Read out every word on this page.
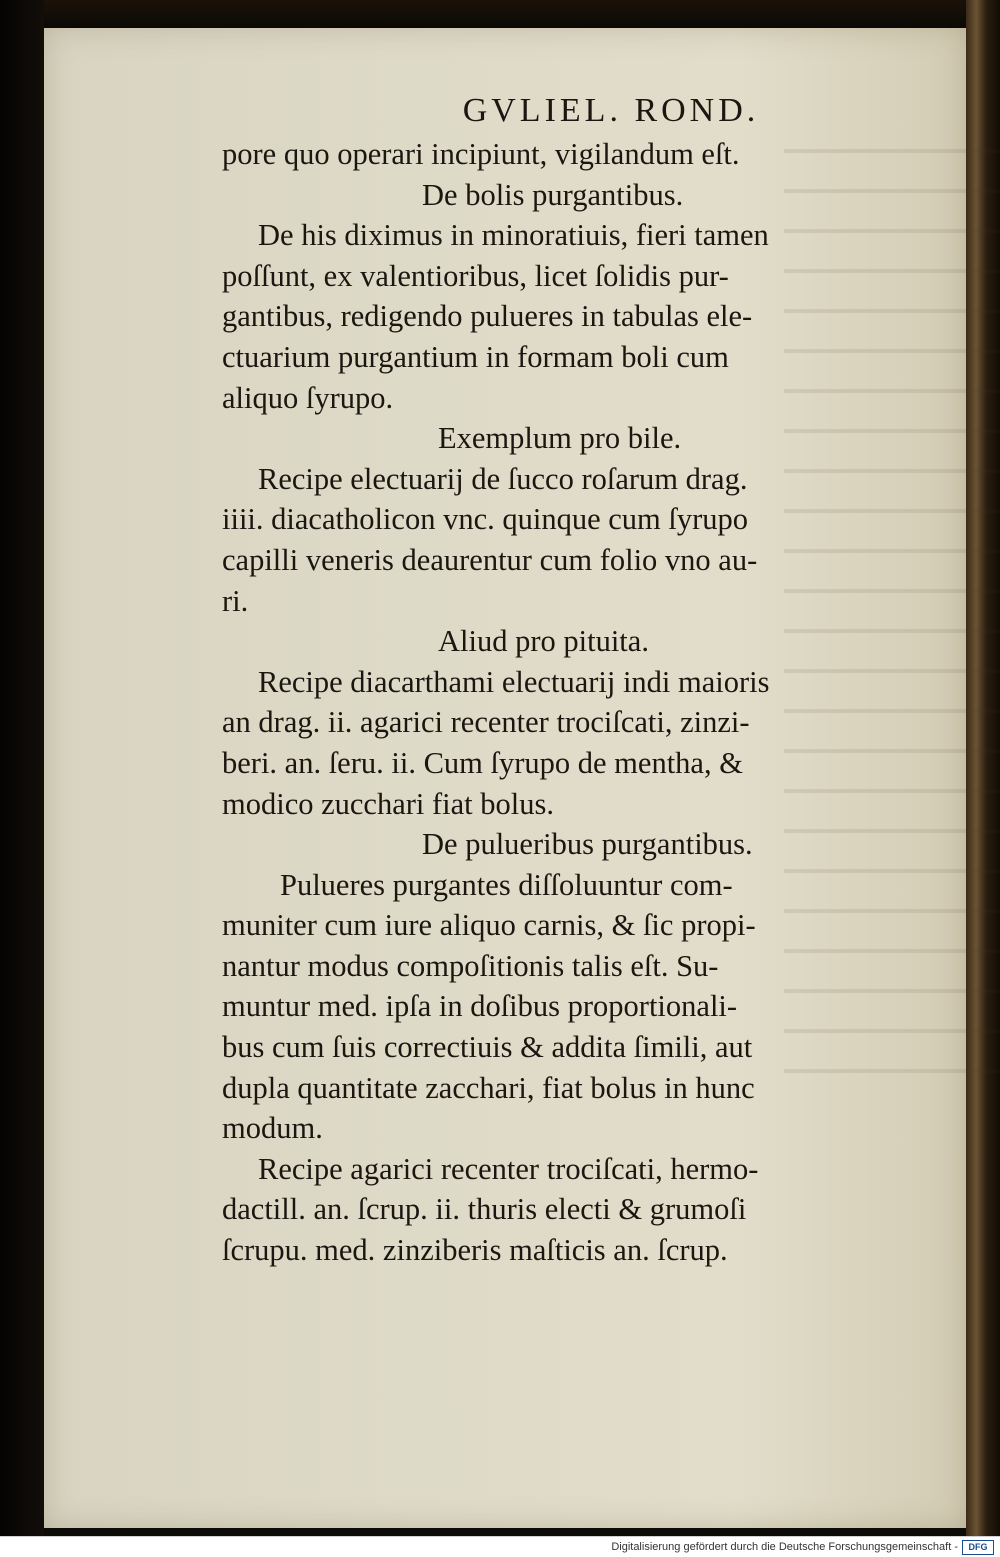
GVLIEL. ROND.
pore quo operari incipiunt, vigilandum eſt.
De bolis purgantibus.
De his diximus in minoratiuis, fieri tamen
poſſunt, ex valentioribus, licet ſolidis pur-
gantibus, redigendo pulueres in tabulas ele-
ctuarium purgantium in formam boli cum
aliquo ſyrupo.
Exemplum pro bile.
Recipe electuarij de ſucco roſarum drag.
iiii. diacatholicon vnc. quinque cum ſyrupo
capilli veneris deaurentur cum folio vno au-
ri.
Aliud pro pituita.
Recipe diacarthami electuarij indi maioris
an drag. ii. agarici recenter trociſcati, zinzi-
beri. an. ſeru. ii. Cum ſyrupo de mentha, &
modico zucchari fiat bolus.
De pulueribus purgantibus.
Pulueres purgantes diſſoluuntur com-
muniter cum iure aliquo carnis, & ſic propi-
nantur modus compoſitionis talis eſt. Su-
muntur med. ipſa in doſibus proportionali-
bus cum ſuis correctiuis & addita ſimili, aut
dupla quantitate zacchari, fiat bolus in hunc
modum.
Recipe agarici recenter trociſcati, hermo-
dactill. an. ſcrup. ii. thuris electi & grumoſi
ſcrupu. med. zinziberis maſticis an. ſcrup.
Digitalisierung gefördert durch die Deutsche Forschungsgemeinschaft -	DFG
